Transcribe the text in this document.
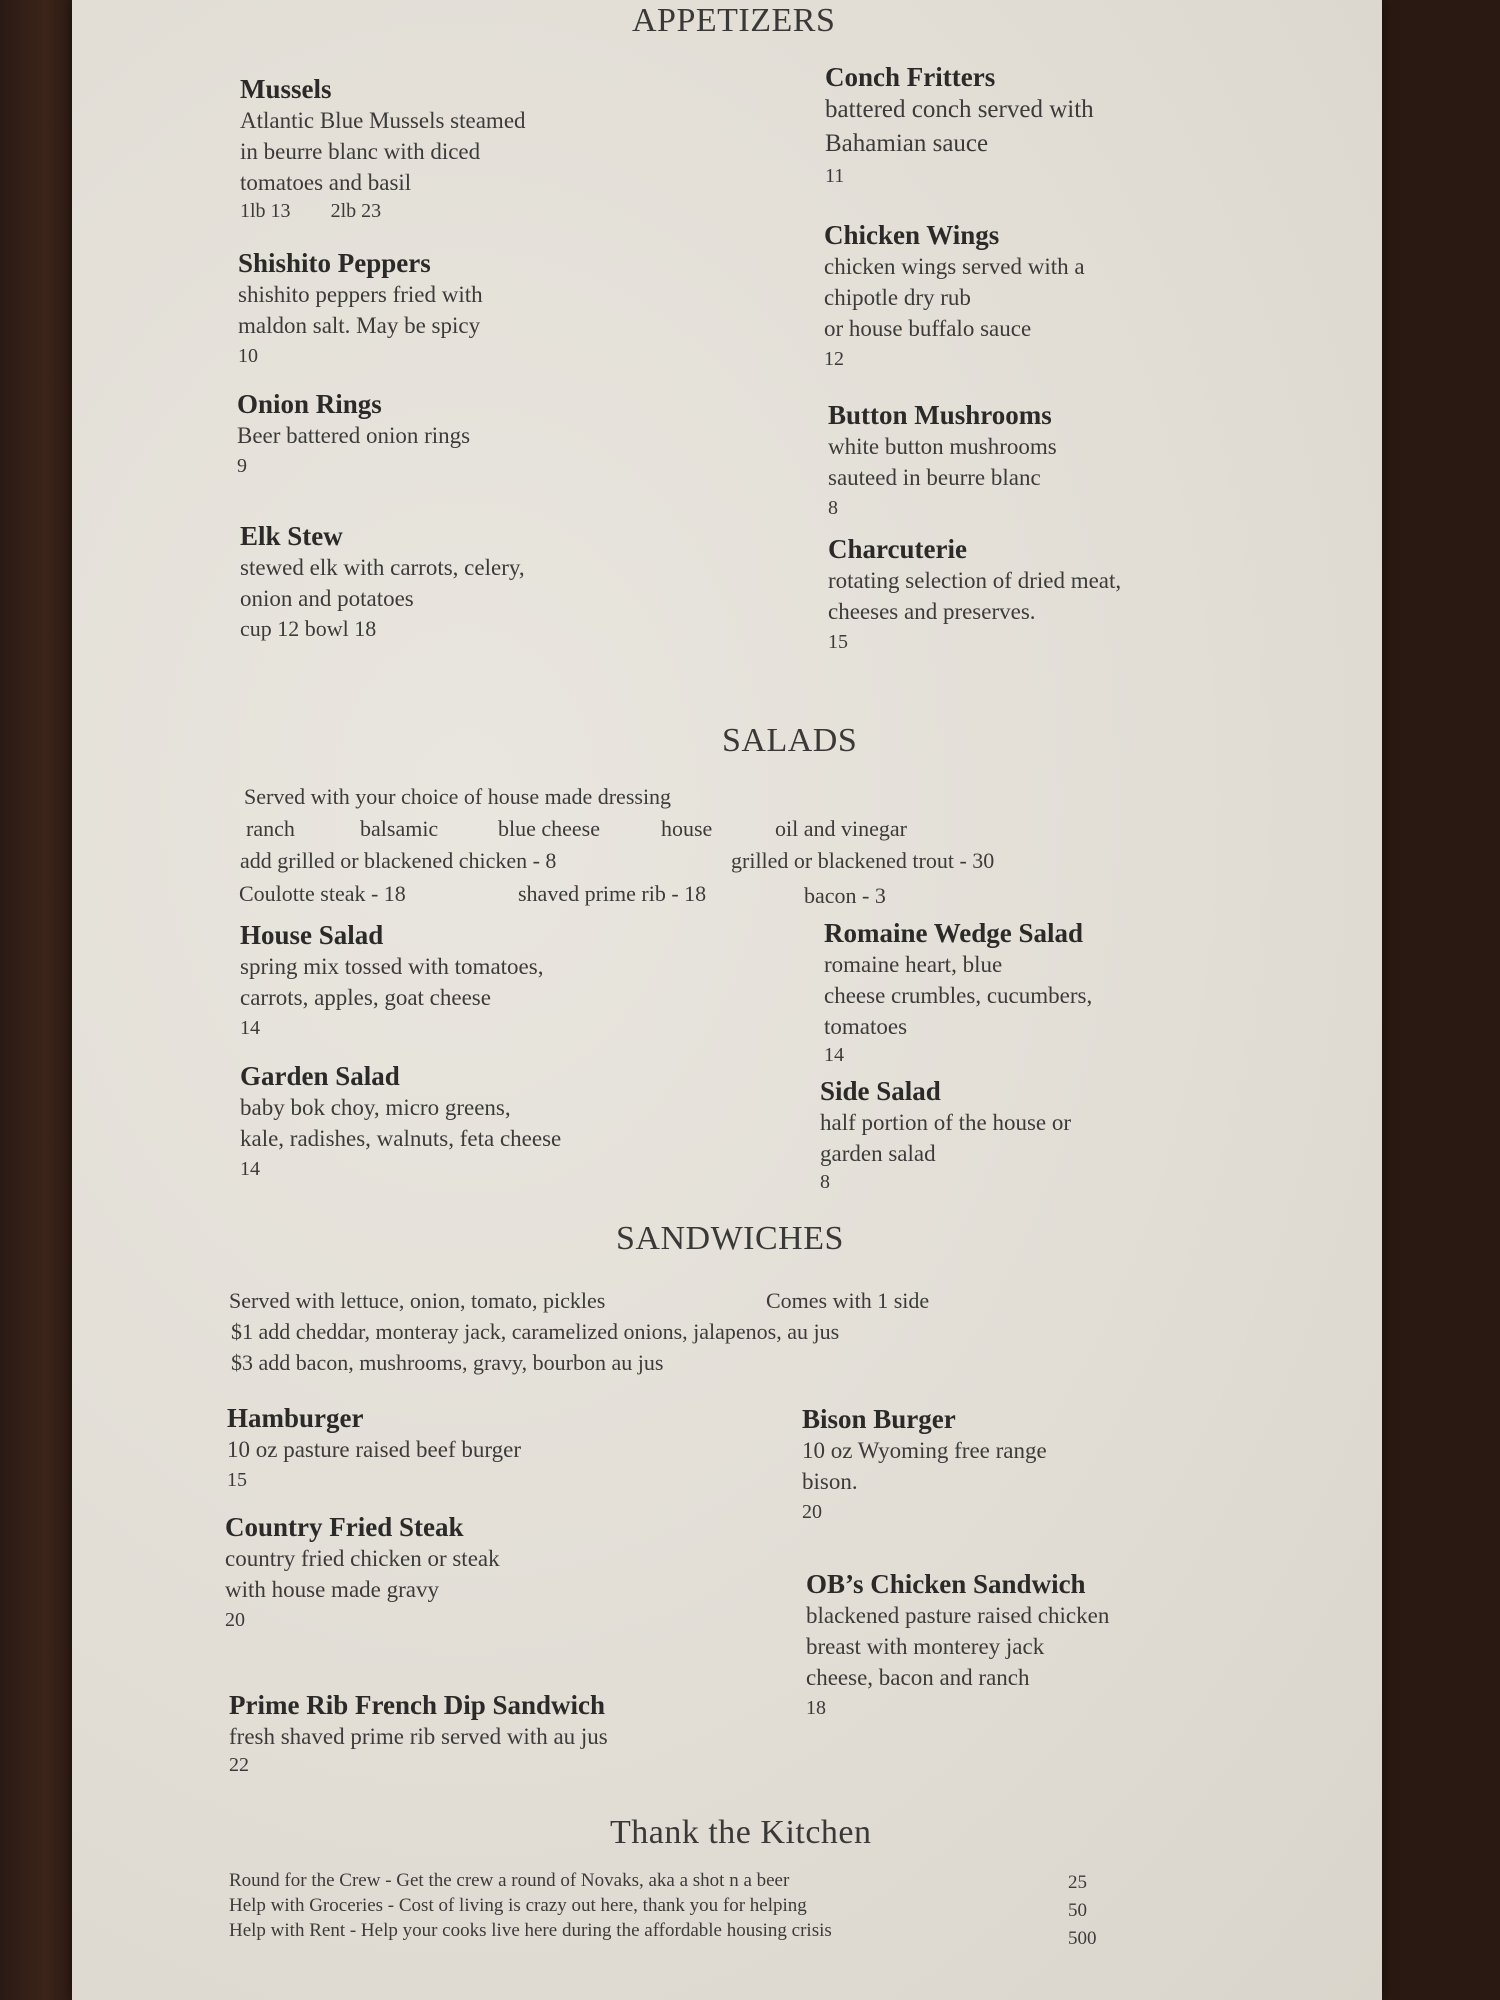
APPETIZERS
Mussels
Atlantic Blue Mussels steamed
in beurre blanc with diced
tomatoes and basil
1lb 13 2lb 23
Shishito Peppers
shishito peppers fried with
maldon salt. May be spicy
10
Onion Rings
Beer battered onion rings
9
Elk Stew
stewed elk with carrots, celery,
onion and potatoes
cup 12 bowl 18
Conch Fritters
battered conch served with
Bahamian sauce
11
Chicken Wings
chicken wings served with a
chipotle dry rub
or house buffalo sauce
12
Button Mushrooms
white button mushrooms
sauteed in beurre blanc
8
Charcuterie
rotating selection of dried meat,
cheeses and preserves.
15
SALADS
Served with your choice of house made dressing
ranch	balsamic	blue cheese	house	oil and vinegar
add grilled or blackened chicken - 8	grilled or blackened trout - 30
Coulotte steak - 18	shaved prime rib - 18	bacon - 3
House Salad
spring mix tossed with tomatoes,
carrots, apples, goat cheese
14
Garden Salad
baby bok choy, micro greens,
kale, radishes, walnuts, feta cheese
14
Romaine Wedge Salad
romaine heart, blue
cheese crumbles, cucumbers,
tomatoes
14
Side Salad
half portion of the house or
garden salad
8
SANDWICHES
Served with lettuce, onion, tomato, pickles	Comes with 1 side
$1 add cheddar, monteray jack, caramelized onions, jalapenos, au jus
$3 add bacon, mushrooms, gravy, bourbon au jus
Hamburger
10 oz pasture raised beef burger
15
Country Fried Steak
country fried chicken or steak
with house made gravy
20
Prime Rib French Dip Sandwich
fresh shaved prime rib served with au jus
22
Bison Burger
10 oz Wyoming free range
bison.
20
OB’s Chicken Sandwich
blackened pasture raised chicken
breast with monterey jack
cheese, bacon and ranch
18
Thank the Kitchen
Round for the Crew - Get the crew a round of Novaks, aka a shot n a beer	25
Help with Groceries - Cost of living is crazy out here, thank you for helping	50
Help with Rent - Help your cooks live here during the affordable housing crisis	500
